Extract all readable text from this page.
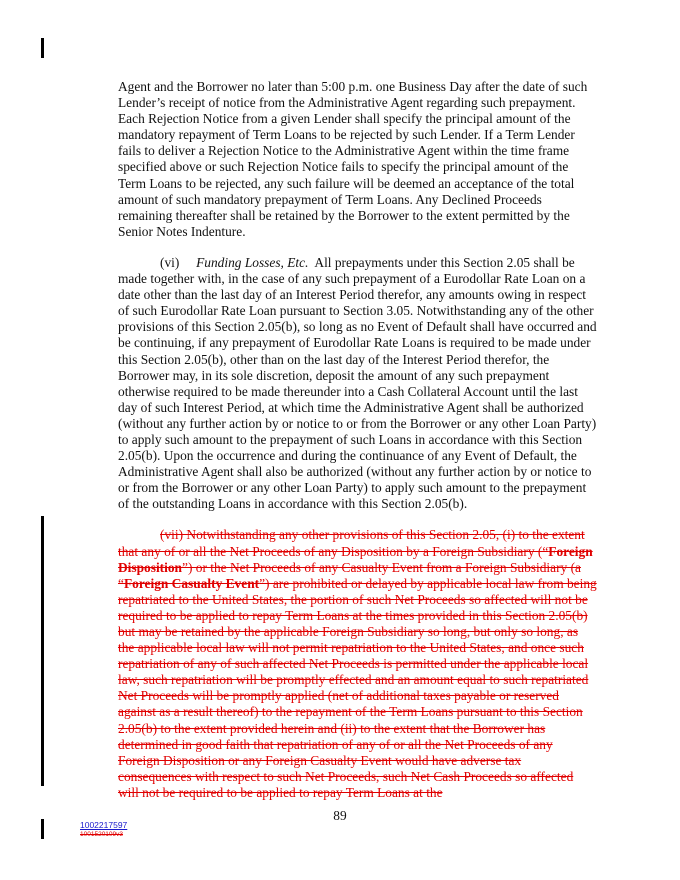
Agent and the Borrower no later than 5:00 p.m. one Business Day after the date of such Lender’s receipt of notice from the Administrative Agent regarding such prepayment. Each Rejection Notice from a given Lender shall specify the principal amount of the mandatory repayment of Term Loans to be rejected by such Lender. If a Term Lender fails to deliver a Rejection Notice to the Administrative Agent within the time frame specified above or such Rejection Notice fails to specify the principal amount of the Term Loans to be rejected, any such failure will be deemed an acceptance of the total amount of such mandatory prepayment of Term Loans. Any Declined Proceeds remaining thereafter shall be retained by the Borrower to the extent permitted by the Senior Notes Indenture.

(vi) Funding Losses, Etc. All prepayments under this Section 2.05 shall be made together with, in the case of any such prepayment of a Eurodollar Rate Loan on a date other than the last day of an Interest Period therefor, any amounts owing in respect of such Eurodollar Rate Loan pursuant to Section 3.05. Notwithstanding any of the other provisions of this Section 2.05(b), so long as no Event of Default shall have occurred and be continuing, if any prepayment of Eurodollar Rate Loans is required to be made under this Section 2.05(b), other than on the last day of the Interest Period therefor, the Borrower may, in its sole discretion, deposit the amount of any such prepayment otherwise required to be made thereunder into a Cash Collateral Account until the last day of such Interest Period, at which time the Administrative Agent shall be authorized (without any further action by or notice to or from the Borrower or any other Loan Party) to apply such amount to the prepayment of such Loans in accordance with this Section 2.05(b). Upon the occurrence and during the continuance of any Event of Default, the Administrative Agent shall also be authorized (without any further action by or notice to or from the Borrower or any other Loan Party) to apply such amount to the prepayment of the outstanding Loans in accordance with this Section 2.05(b).

(vii) Notwithstanding any other provisions of this Section 2.05, (i) to the extent that any of or all the Net Proceeds of any Disposition by a Foreign Subsidiary (“Foreign Disposition”) or the Net Proceeds of any Casualty Event from a Foreign Subsidiary (a “Foreign Casualty Event”) are prohibited or delayed by applicable local law from being repatriated to the United States, the portion of such Net Proceeds so affected will not be required to be applied to repay Term Loans at the times provided in this Section 2.05(b) but may be retained by the applicable Foreign Subsidiary so long, but only so long, as the applicable local law will not permit repatriation to the United States, and once such repatriation of any of such affected Net Proceeds is permitted under the applicable local law, such repatriation will be promptly effected and an amount equal to such repatriated Net Proceeds will be promptly applied (net of additional taxes payable or reserved against as a result thereof) to the repayment of the Term Loans pursuant to this Section 2.05(b) to the extent provided herein and (ii) to the extent that the Borrower has determined in good faith that repatriation of any of or all the Net Proceeds of any Foreign Disposition or any Foreign Casualty Event would have adverse tax consequences with respect to such Net Proceeds, such Net Cash Proceeds so affected will not be required to be applied to repay Term Loans at the

89
1002217597
1001520109v3
